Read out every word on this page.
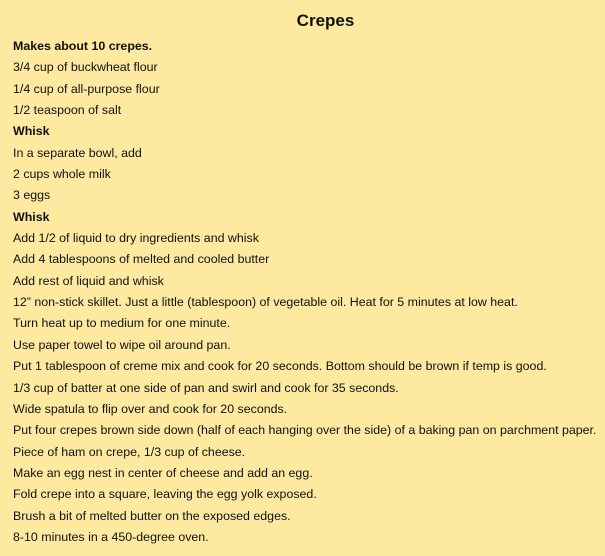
Crepes
Makes about 10 crepes.
3/4 cup of buckwheat flour
1/4 cup of all-purpose flour
1/2 teaspoon of salt
Whisk
In a separate bowl, add
2 cups whole milk
3 eggs
Whisk
Add 1/2 of liquid to dry ingredients and whisk
Add 4 tablespoons of melted and cooled butter
Add rest of liquid and whisk
12” non-stick skillet. Just a little (tablespoon) of vegetable oil. Heat for 5 minutes at low heat.
Turn heat up to medium for one minute.
Use paper towel to wipe oil around pan.
Put 1 tablespoon of creme mix and cook for 20 seconds. Bottom should be brown if temp is good.
1/3 cup of batter at one side of pan and swirl and cook for 35 seconds.
Wide spatula to flip over and cook for 20 seconds.
Put four crepes brown side down (half of each hanging over the side) of a baking pan on parchment paper.
Piece of ham on crepe, 1/3 cup of cheese.
Make an egg nest in center of cheese and add an egg.
Fold crepe into a square, leaving the egg yolk exposed.
Brush a bit of melted butter on the exposed edges.
8-10 minutes in a 450-degree oven.
